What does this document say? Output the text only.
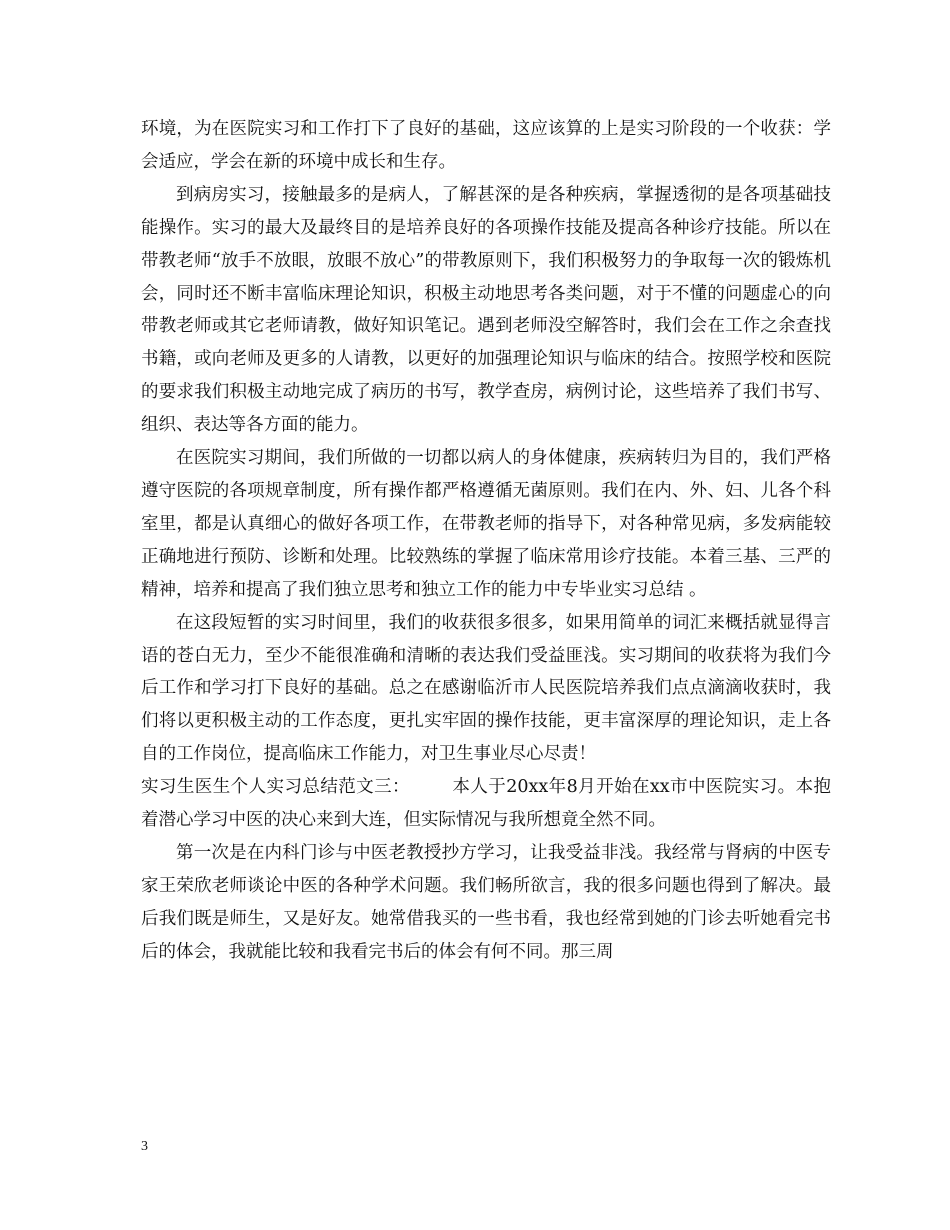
环境，为在医院实习和工作打下了良好的基础，这应该算的上是实习阶段的一个收获：学会适应，学会在新的环境中成长和生存。

到病房实习，接触最多的是病人，了解甚深的是各种疾病，掌握透彻的是各项基础技能操作。实习的最大及最终目的是培养良好的各项操作技能及提高各种诊疗技能。所以在带教老师“放手不放眼，放眼不放心”的带教原则下，我们积极努力的争取每一次的锻炼机会，同时还不断丰富临床理论知识，积极主动地思考各类问题，对于不懂的问题虚心的向带教老师或其它老师请教，做好知识笔记。遇到老师没空解答时，我们会在工作之余查找书籍，或向老师及更多的人请教，以更好的加强理论知识与临床的结合。按照学校和医院的要求我们积极主动地完成了病历的书写，教学查房，病例讨论，这些培养了我们书写、组织、表达等各方面的能力。

在医院实习期间，我们所做的一切都以病人的身体健康，疾病转归为目的，我们严格遵守医院的各项规章制度，所有操作都严格遵循无菌原则。我们在内、外、妇、儿各个科室里，都是认真细心的做好各项工作，在带教老师的指导下，对各种常见病，多发病能较正确地进行预防、诊断和处理。比较熟练的掌握了临床常用诊疗技能。本着三基、三严的精神，培养和提高了我们独立思考和独立工作的能力中专毕业实习总结 。

在这段短暂的实习时间里，我们的收获很多很多，如果用简单的词汇来概括就显得言语的苍白无力，至少不能很准确和清晰的表达我们受益匪浅。实习期间的收获将为我们今后工作和学习打下良好的基础。总之在感谢临沂市人民医院培养我们点点滴滴收获时，我们将以更积极主动的工作态度，更扎实牢固的操作技能，更丰富深厚的理论知识，走上各自的工作岗位，提高临床工作能力，对卫生事业尽心尽责！

实习生医生个人实习总结范文三： 本人于20xx年8月开始在xx市中医院实习。本抱着潜心学习中医的决心来到大连，但实际情况与我所想竟全然不同。

第一次是在内科门诊与中医老教授抄方学习，让我受益非浅。我经常与肾病的中医专家王荣欣老师谈论中医的各种学术问题。我们畅所欲言，我的很多问题也得到了解决。最后我们既是师生，又是好友。她常借我买的一些书看，我也经常到她的门诊去听她看完书后的体会，我就能比较和我看完书后的体会有何不同。那三周

3
